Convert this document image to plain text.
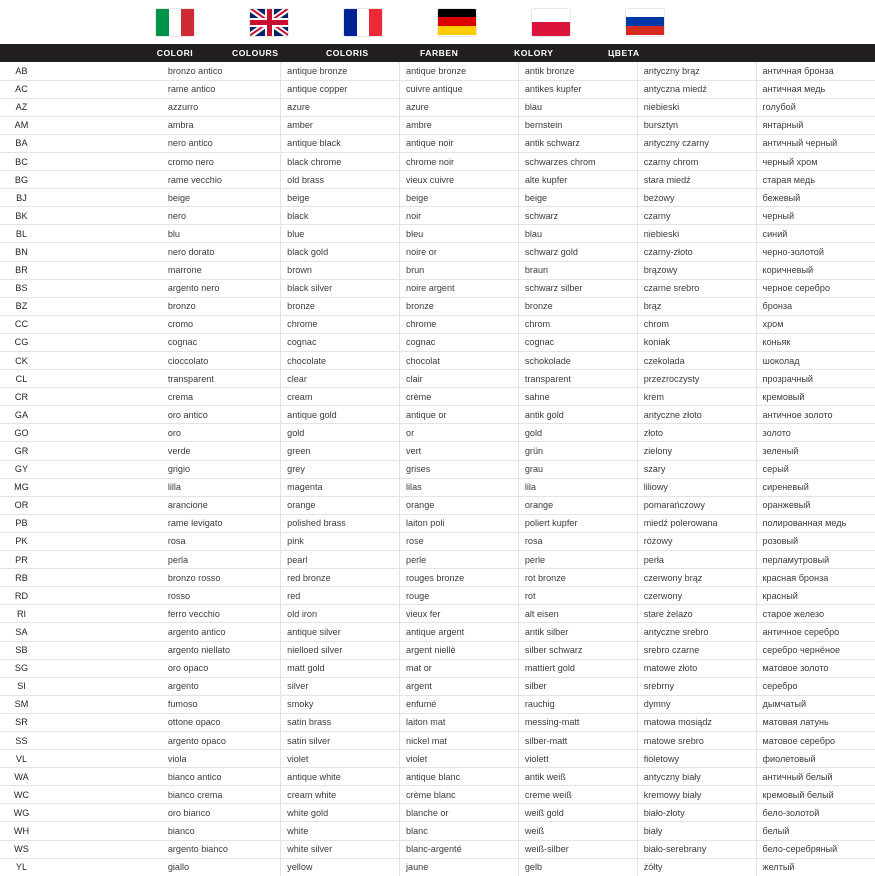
COLORI	COLOURS	COLORIS	FARBEN	KOLORY	ЦВЕТА
AB		bronzo antico	antique bronze	antique bronze	antik bronze	antyczny brąz	античная бронза
AC		rame antico	antique copper	cuivre antique	antikes kupfer	antyczna miedź	античная медь
AZ		azzurro	azure	azure	blau	niebieski	голубой
AM		ambra	amber	ambre	bernstein	bursztyn	янтарный
BA		nero antico	antique black	antique noir	antik schwarz	antyczny czarny	античный черный
BC		cromo nero	black chrome	chrome noir	schwarzes chrom	czarny chrom	черный хром
BG		rame vecchio	old brass	vieux cuivre	alte kupfer	stara miedź	старая медь
BJ		beige	beige	beige	beige	beżowy	бежевый
BK		nero	black	noir	schwarz	czarny	черный
BL		blu	blue	bleu	blau	niebieski	синий
BN		nero dorato	black gold	noire or	schwarz gold	czarny-złoto	черно-золотой
BR		marrone	brown	brun	braun	brązowy	коричневый
BS		argento nero	black silver	noire argent	schwarz silber	czarne srebro	черное серебро
BZ		bronzo	bronze	bronze	bronze	brąz	бронза
CC		cromo	chrome	chrome	chrom	chrom	хром
CG		cognac	cognac	cognac	cognac	koniak	коньяк
CK		cioccolato	chocolate	chocolat	schokolade	czekolada	шоколад
CL		transparent	clear	clair	transparent	przezroczysty	прозрачный
CR		crema	cream	crème	sahne	krem	кремовый
GA		oro antico	antique gold	antique or	antik gold	antyczne złoto	античное золото
GO		oro	gold	or	gold	złoto	золото
GR		verde	green	vert	grün	zielony	зеленый
GY		grigio	grey	grises	grau	szary	серый
MG		lilla	magenta	lilas	lila	liliowy	сиреневый
OR		arancione	orange	orange	orange	pomarańczowy	оранжевый
PB		rame levigato	polished brass	laiton poli	poliert kupfer	miedź polerowana	полированная медь
PK		rosa	pink	rose	rosa	różowy	розовый
PR		perla	pearl	perle	perle	perła	перламутровый
RB		bronzo rosso	red bronze	rouges bronze	rot bronze	czerwony brąz	красная бронза
RD		rosso	red	rouge	rot	czerwony	красный
RI		ferro vecchio	old iron	vieux fer	alt eisen	stare żelazo	старое железо
SA		argento antico	antique silver	antique argent	antik silber	antyczne srebro	античное серебро
SB		argento niellato	nielloed silver	argent niellè	silber schwarz	srebro czarne	серебро чернёное
SG		oro opaco	matt gold	mat or	mattiert gold	matowe złoto	матовое золото
SI		argento	silver	argent	silber	srebrny	серебро
SM		fumoso	smoky	enfumé	rauchig	dymny	дымчатый
SR		ottone opaco	satin brass	laiton mat	messing-matt	matowa mosiądz	матовая латунь
SS		argento opaco	satin silver	nickel mat	silber-matt	matowe srebro	матовое серебро
VL		viola	violet	violet	violett	fioletowy	фиолетовый
WA		bianco antico	antique white	antique blanc	antik weiß	antyczny biały	античный белый
WC		bianco crema	cream white	crème blanc	creme weiß	kremowy biały	кремовый белый
WG		oro bianco	white gold	blanche or	weiß gold	biało-złoty	бело-золотой
WH		bianco	white	blanc	weiß	biały	белый
WS		argento bianco	white silver	blanc-argenté	weiß-silber	biało-serebrany	бело-серебряный
YL		giallo	yellow	jaune	gelb	żółty	желтый
